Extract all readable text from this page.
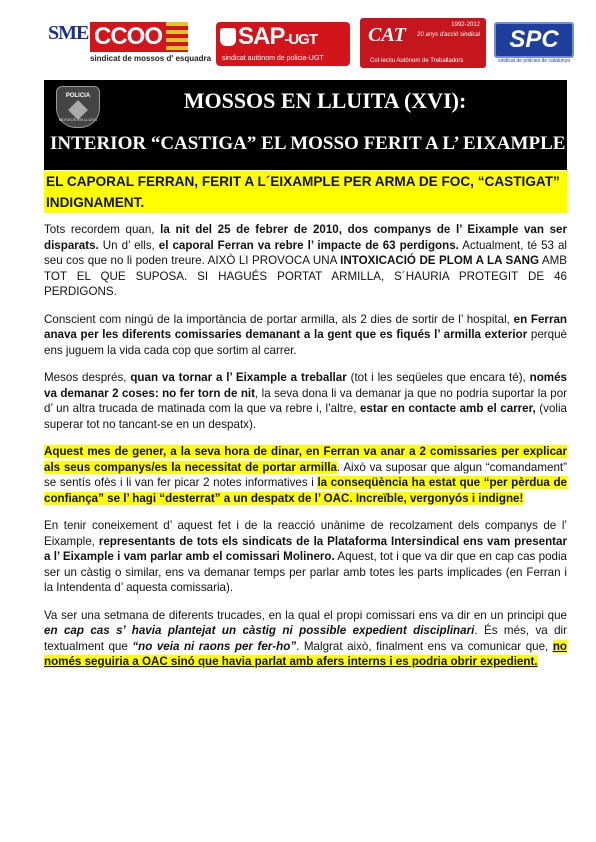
SME CCOO
sindicat de mossos d' esquadra
SAP-UGT
sindicat autònom de policia-UGT
CAT	1992-2012
20 anys d'acció sindical
Col·lectiu Autònom de Treballadors
SPC
sindicat de policies de catalunya
POLICIA
MOSSOS EN LLUITA
MOSSOS EN LLUITA (XVI):
INTERIOR “CASTIGA” EL MOSSO FERIT A L’ EIXAMPLE!
EL CAPORAL FERRAN, FERIT A L´EIXAMPLE PER ARMA DE FOC, “CASTIGAT” INDIGNAMENT.

Tots recordem quan, la nit del 25 de febrer de 2010, dos companys de l’ Eixample van ser disparats. Un d’ ells, el caporal Ferran va rebre l’ impacte de 63 perdigons. Actualment, té 53 al seu cos que no li poden treure. AIXÒ LI PROVOCA UNA INTOXICACIÓ DE PLOM A LA SANG AMB TOT EL QUE SUPOSA. SI HAGUÉS PORTAT ARMILLA, S´HAURIA PROTEGIT DE 46 PERDIGONS.

Conscient com ningú de la importància de portar armilla, als 2 dies de sortir de l’ hospital, en Ferran anava per les diferents comissaries demanant a la gent que es fiqués l’ armilla exterior perquè ens juguem la vida cada cop que sortim al carrer.

Mesos després, quan va tornar a l’ Eixample a treballar (tot i les seqüeles que encara té), només va demanar 2 coses: no fer torn de nit, la seva dona li va demanar ja que no podria suportar la por d’ un altra trucada de matinada com la que va rebre i, l’altre, estar en contacte amb el carrer, (volia superar tot no tancant-se en un despatx).

Aquest mes de gener, a la seva hora de dinar, en Ferran va anar a 2 comissaries per explicar als seus companys/es la necessitat de portar armilla. Això va suposar que algun “comandament” se sentís ofès i li van fer picar 2 notes informatives i la conseqüència ha estat que “per pèrdua de confiança” se l’ hagi “desterrat” a un despatx de l’ OAC. Increïble, vergonyós i indigne!

En tenir coneixement d’ aquest fet i de la reacció unànime de recolzament dels companys de l’ Eixample, representants de tots els sindicats de la Plataforma Intersindical ens vam presentar a l’ Eixample i vam parlar amb el comissari Molinero. Aquest, tot i que va dir que en cap cas podia ser un càstig o similar, ens va demanar temps per parlar amb totes les parts implicades (en Ferran i la Intendenta d’ aquesta comissaria).

Va ser una setmana de diferents trucades, en la qual el propi comissari ens va dir en un principi que en cap cas s’ havia plantejat un càstig ni possible expedient disciplinari. És més, va dir textualment que “no veia ni raons per fer-ho”. Malgrat això, finalment ens va comunicar que, no només seguiria a OAC sinó que havia parlat amb afers interns i es podria obrir expedient.
